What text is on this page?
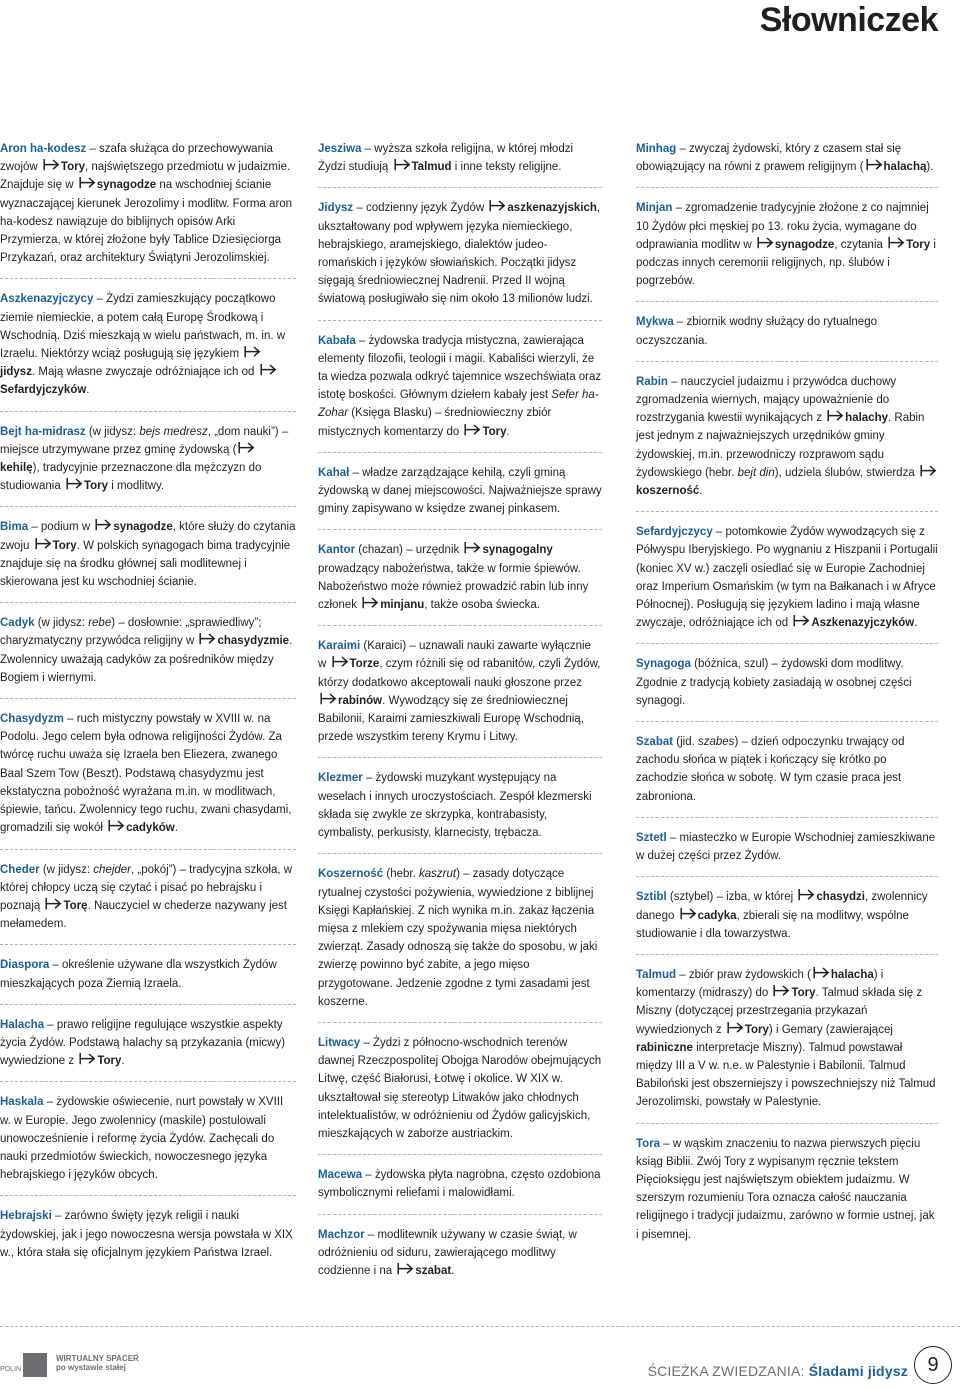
Słowniczek
Aron ha-kodesz – szafa służąca do przechowywania zwojów Tory, najświętszego przedmiotu w judaizmie. Znajduje się w synagodze na wschodniej ścianie wyznaczającej kierunek Jerozolimy i modlitw. Forma aron ha-kodesz nawiązuje do biblijnych opisów Arki Przymierza, w której złożone były Tablice Dziesięciorga Przykazań, oraz architektury Świątyni Jerozolimskiej.
Aszkenazyjczycy – Żydzi zamieszkujący początkowo ziemie niemieckie, a potem całą Europę Środkową i Wschodnią. Dziś mieszkają w wielu państwach, m. in. w Izraelu. Niektórzy wciąż posługują się językiem jidysz. Mają własne zwyczaje odróżniające ich od Sefardyjczyków.
Bejt ha-midrasz (w jidysz: bejs medresz, „dom nauki”) – miejsce utrzymywane przez gminę żydowską (kehilę), tradycyjnie przeznaczone dla mężczyzn do studiowania Tory i modlitwy.
Bima – podium w synagodze, które służy do czytania zwoju Tory. W polskich synagogach bima tradycyjnie znajduje się na środku głównej sali modlitewnej i skierowana jest ku wschodniej ścianie.
Cadyk (w jidysz: rebe) – dosłownie: „sprawiedliwy”; charyzmatyczny przywódca religijny w chasydyzmie. Zwolennicy uważają cadyków za pośredników między Bogiem i wiernymi.
Chasydyzm – ruch mistyczny powstały w XVIII w. na Podolu. Jego celem była odnowa religijności Żydów. Za twórcę ruchu uważa się Izraela ben Eliezera, zwanego Baal Szem Tow (Beszt). Podstawą chasydyzmu jest ekstatyczna pobożność wyrażana m.in. w modlitwach, śpiewie, tańcu. Zwolennicy tego ruchu, zwani chasydami, gromadzili się wokół cadyków.
Cheder (w jidysz: chejder, „pokój”) – tradycyjna szkoła, w której chłopcy uczą się czytać i pisać po hebrajsku i poznają Torę. Nauczyciel w chederze nazywany jest mełamedem.
Diaspora – określenie używane dla wszystkich Żydów mieszkających poza Ziemią Izraela.
Halacha – prawo religijne regulujące wszystkie aspekty życia Żydów. Podstawą halachy są przykazania (micwy) wywiedzione z Tory.
Haskala – żydowskie oświecenie, nurt powstały w XVIII w. w Europie. Jego zwolennicy (maskile) postulowali unowocześnienie i reformę życia Żydów. Zachęcali do nauki przedmiotów świeckich, nowoczesnego języka hebrajskiego i języków obcych.
Hebrajski – zarówno święty język religii i nauki żydowskiej, jak i jego nowoczesna wersja powstała w XIX w., która stała się oficjalnym językiem Państwa Izrael.
Jesziwa – wyższa szkoła religijna, w której młodzi Żydzi studiują Talmud i inne teksty religijne.
Jidysz – codzienny język Żydów aszkenazyjskich, ukształtowany pod wpływem języka niemieckiego, hebrajskiego, aramejskiego, dialektów judeo-romańskich i języków słowiańskich. Początki jidysz sięgają średniowiecznej Nadrenii. Przed II wojną światową posługiwało się nim około 13 milionów ludzi.
Kabała – żydowska tradycja mistyczna, zawierająca elementy filozofii, teologii i magii. Kabaliści wierzyli, że ta wiedza pozwala odkryć tajemnice wszechświata oraz istotę boskości. Głównym dziełem kabały jest Sefer ha-Zohar (Księga Blasku) – średniowieczny zbiór mistycznych komentarzy do Tory.
Kahał – władze zarządzające kehilą, czyli gminą żydowską w danej miejscowości. Najważniejsze sprawy gminy zapisywano w księdze zwanej pinkasem.
Kantor (chazan) – urzędnik synagogalny prowadzący nabożeństwa, także w formie śpiewów. Nabożeństwo może również prowadzić rabin lub inny członek minjanu, także osoba świecka.
Karaimi (Karaici) – uznawali nauki zawarte wyłącznie w Torze, czym różnili się od rabanitów, czyli Żydów, którzy dodatkowo akceptowali nauki głoszone przez rabinów. Wywodzący się ze średniowiecznej Babilonii, Karaimi zamieszkiwali Europę Wschodnią, przede wszystkim tereny Krymu i Litwy.
Klezmer – żydowski muzykant występujący na weselach i innych uroczystościach. Zespół klezmerski składa się zwykle ze skrzypka, kontrabasisty, cymbalisty, perkusisty, klarnecisty, trębacza.
Koszerność (hebr. kaszrut) – zasady dotyczące rytualnej czystości pożywienia, wywiedzione z biblijnej Księgi Kapłańskiej. Z nich wynika m.in. zakaz łączenia mięsa z mlekiem czy spożywania mięsa niektórych zwierząt. Zasady odnoszą się także do sposobu, w jaki zwierzę powinno być zabite, a jego mięso przygotowane. Jedzenie zgodne z tymi zasadami jest koszerne.
Litwacy – Żydzi z północno-wschodnich terenów dawnej Rzeczpospolitej Obojga Narodów obejmujących Litwę, część Białorusi, Łotwę i okolice. W XIX w. ukształtował się stereotyp Litwaków jako chłodnych intelektualistów, w odróżnieniu od Żydów galicyjskich, mieszkających w zaborze austriackim.
Macewa – żydowska płyta nagrobna, często ozdobiona symbolicznymi reliefami i malowidłami.
Machzor – modlitewnik używany w czasie świąt, w odróżnieniu od siduru, zawierającego modlitwy codzienne i na szabat.
Minhag – zwyczaj żydowski, który z czasem stał się obowiązujący na równi z prawem religijnym ( halachą).
Minjan – zgromadzenie tradycyjnie złożone z co najmniej 10 Żydów płci męskiej po 13. roku życia, wymagane do odprawiania modlitw w synagodze, czytania Tory i podczas innych ceremonii religijnych, np. ślubów i pogrzebów.
Mykwa – zbiornik wodny służący do rytualnego oczyszczania.
Rabin – nauczyciel judaizmu i przywódca duchowy zgromadzenia wiernych, mający upoważnienie do rozstrzygania kwestii wynikających z halachy. Rabin jest jednym z najważniejszych urzędników gminy żydowskiej, m.in. przewodniczy rozprawom sądu żydowskiego (hebr. bejt din), udziela ślubów, stwierdza koszerność.
Sefardyjczycy – potomkowie Żydów wywodzących się z Półwyspu Iberyjskiego. Po wygnaniu z Hiszpanii i Portugalii (koniec XV w.) zaczęli osiedlać się w Europie Zachodniej oraz Imperium Osmańskim (w tym na Bałkanach i w Afryce Północnej). Posługują się językiem ladino i mają własne zwyczaje, odróżniające ich od Aszkenazyjczyków.
Synagoga (bóżnica, szul) – żydowski dom modlitwy. Zgodnie z tradycją kobiety zasiadają w osobnej części synagogi.
Szabat (jid. szabes) – dzień odpoczynku trwający od zachodu słońca w piątek i kończący się krótko po zachodzie słońca w sobotę. W tym czasie praca jest zabroniona.
Sztetl – miasteczko w Europie Wschodniej zamieszkiwane w dużej części przez Żydów.
Sztibl (sztybel) – izba, w której chasydzi, zwolennicy danego cadyka, zbierali się na modlitwy, wspólne studiowanie i dla towarzystwa.
Talmud – zbiór praw żydowskich ( halacha) i komentarzy (midraszy) do Tory. Talmud składa się z Miszny (dotyczącej przestrzegania przykazań wywiedzionych z Tory) i Gemary (zawierającej rabiniczne interpretacje Miszny). Talmud powstawał między III a V w. n.e. w Palestynie i Babilonii. Talmud Babiloński jest obszerniejszy i powszechniejszy niż Talmud Jerozolimski, powstały w Palestynie.
Tora – w wąskim znaczeniu to nazwa pierwszych pięciu ksiąg Biblii. Zwój Tory z wypisanym ręcznie tekstem Pięcioksięgu jest najświętszym obiektem judaizmu. W szerszym rozumieniu Tora oznacza całość nauczania religijnego i tradycji judaizmu, zarówno w formie ustnej, jak i pisemnej.
POLIN
WIRTUALNY SPACER
po wystawie stałej	ŚCIEŻKA ZWIEDZANIA: Śladami jidysz 9
